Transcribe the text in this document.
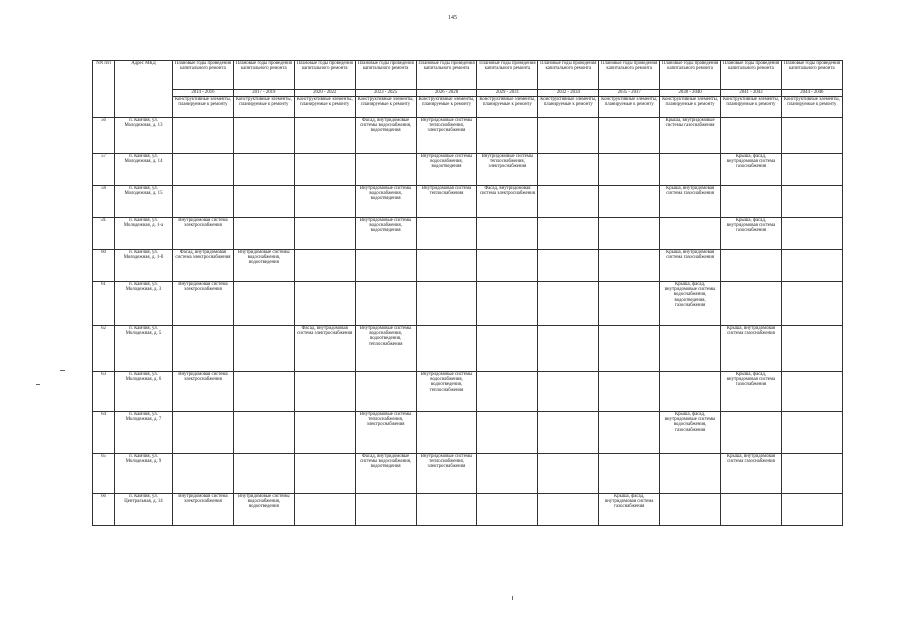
145
NN п/п	Адрес МКД	Плановые годы проведения капитального ремонта	Плановые годы проведения капитального ремонта	Плановые годы проведения капитального ремонта	Плановые годы проведения капитального ремонта	Плановые годы проведения капитального ремонта	Плановые годы проведения капитального ремонта	Плановые годы проведения капитального ремонта	Плановые годы проведения капитального ремонта	Плановые годы проведения капитального ремонта	Плановые годы проведения капитального ремонта	Плановые годы проведения капитального ремонта
		2014 - 2016	2017 - 2019	2020 - 2022	2023 - 2025	2026 - 2028	2029 - 2031	2032 - 2034	2035 - 2037	2038 - 2040	2041 - 2043	2044 - 2046
		Конструктивные элементы, планируемые к ремонту	Конструктивные элементы, планируемые к ремонту	Конструктивные элементы, планируемые к ремонту	Конструктивные элементы, планируемые к ремонту	Конструктивные элементы, планируемые к ремонту	Конструктивные элементы, планируемые к ремонту	Конструктивные элементы, планируемые к ремонту	Конструктивные элементы, планируемые к ремонту	Конструктивные элементы, планируемые к ремонту	Конструктивные элементы, планируемые к ремонту	Конструктивные элементы, планируемые к ремонту
56	п. Камчия, ул. Молодежная, д. 13				Фасад, внутридомовые системы водоснабжения, водоотведения	Внутридомовые системы теплоснабжения, электроснабжения				Крыша, внутридомовые системы газоснабжения		
57	п. Камчия, ул. Молодежная, д. 14					Внутридомовые системы водоснабжения, водоотведения	Внутридомовые системы теплоснабжения, электроснабжения				Крыша, фасад, внутридомовая система газоснабжения	
58	п. Камчия, ул. Молодежная, д. 15				Внутридомовые системы водоснабжения, водоотведения	Внутридомовая система теплоснабжения	Фасад, внутридомовая система электроснабжения			Крыша, внутридомовая система газоснабжения		
59.	п. Камчия, ул. Молодежная, д. 1-а	Внутридомовая система электроснабжения			Внутридомовые системы водоснабжения, водоотведения						Крыша, фасад, внутридомовая система газоснабжения	
60	п. Камчия, ул. Молодежная, д. 1-б	Фасад, внутридомовая система электроснабжения	Внутридомовые системы водоснабжения, водоотведения							Крыша, внутридомовая система газоснабжения		
61	п. Камчия, ул. Молодежная, д. 3	Внутридомовая система электроснабжения								Крыша, фасад, внутридомовые системы водоснабжения, водоотведения, газоснабжения		
62	п. Камчия, ул. Молодежная, д. 5			Фасад, внутридомовая система электроснабжения	Внутридомовые системы водоснабжения, водоотведения, теплоснабжения						Крыша, внутридомовая система газоснабжения	
63	п. Камчия, ул. Молодежная, д. 6	Внутридомовая система электроснабжения				Внутридомовые системы водоснабжения, водоотведения, теплоснабжения					Крыша, фасад, внутридомовая система газоснабжения	
64	п. Камчия, ул. Молодежная, д. 7				Внутридомовые системы теплоснабжения, электроснабжения					Крыша, фасад, внутридомовые системы водоснабжения, газоснабжения		
65	п. Камчия, ул. Молодежная, д. 9				Фасад, внутридомовые системы водоснабжения, водоотведения	Внутридомовые системы теплоснабжения, электроснабжения					Крыша, внутридомовая система газоснабжения	
66	п. Камчия, ул. Центральная, д. 14	Внутридомовая система электроснабжения	Внутридомовые системы водоснабжения, водоотведения						Крыша, фасад, внутридомовая система газоснабжения			
